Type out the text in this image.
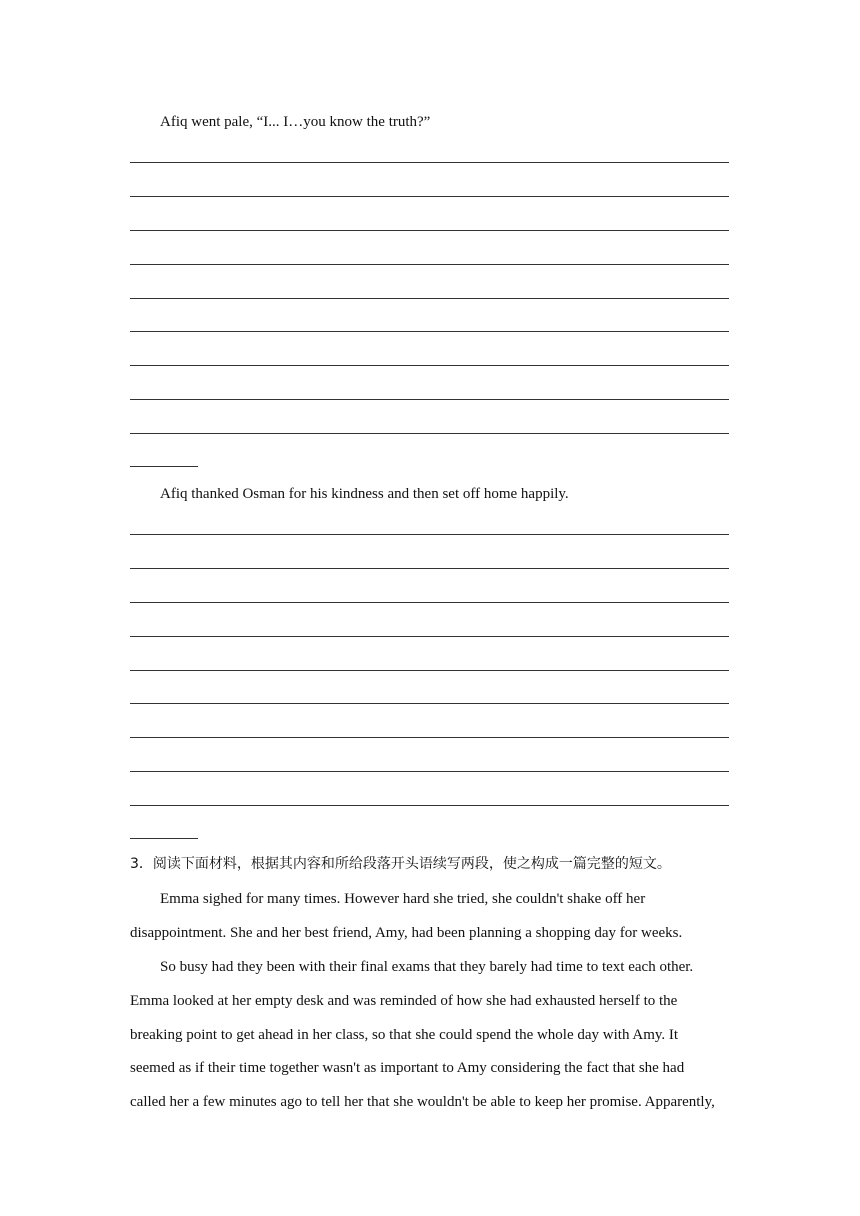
Afiq went pale, “I... I…you know the truth?”
Afiq thanked Osman for his kindness and then set off home happily.
3．阅读下面材料，根据其内容和所给段落开头语续写两段，使之构成一篇完整的短文。
Emma sighed for many times. However hard she tried, she couldn't shake off her
disappointment. She and her best friend, Amy, had been planning a shopping day for weeks.
So busy had they been with their final exams that they barely had time to text each other.
Emma looked at her empty desk and was reminded of how she had exhausted herself to the
breaking point to get ahead in her class, so that she could spend the whole day with Amy. It
seemed as if their time together wasn't as important to Amy considering the fact that she had
called her a few minutes ago to tell her that she wouldn't be able to keep her promise. Apparently,
